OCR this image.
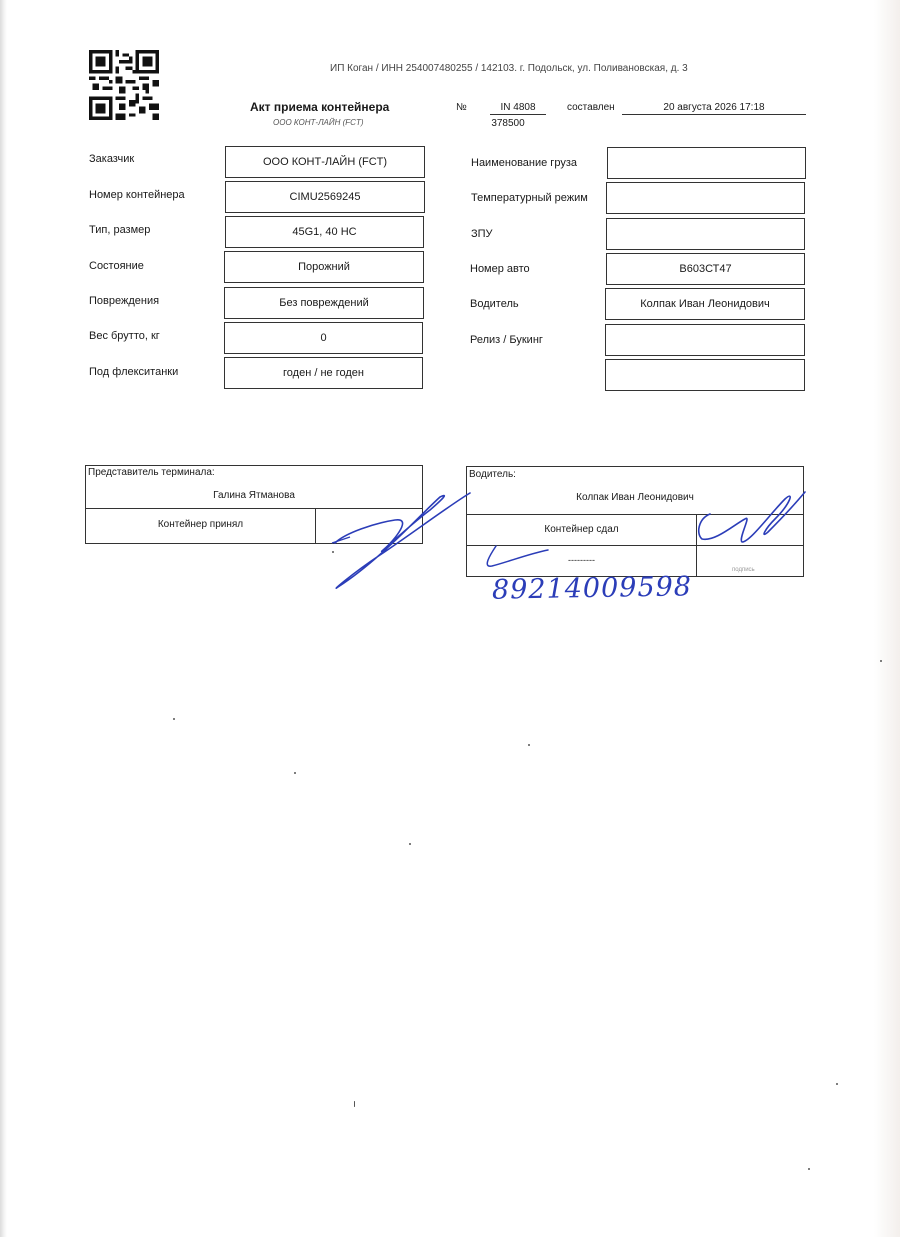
ИП Коган / ИНН 254007480255 / 142103. г. Подольск, ул. Поливановская, д. 3
Акт приема контейнера
ООО КОНТ-ЛАЙН (FCT)
№	IN 4808
378500
составлен	20 августа 2026 17:18
Заказчик	ООО КОНТ-ЛАЙН (FCT)
Номер контейнера	CIMU2569245
Тип, размер	45G1, 40 HC
Состояние	Порожний
Повреждения	Без повреждений
Вес брутто, кг	0
Под флекситанки	годен / не годен
Наименование груза
Температурный режим
ЗПУ
Номер авто	В603СТ47
Водитель	Колпак Иван Леонидович
Релиз / Букинг
Представитель терминала:
Галина Ятманова
Контейнер принял
Водитель:
Колпак Иван Леонидович
Контейнер сдал
---------
подпись
89214009598
